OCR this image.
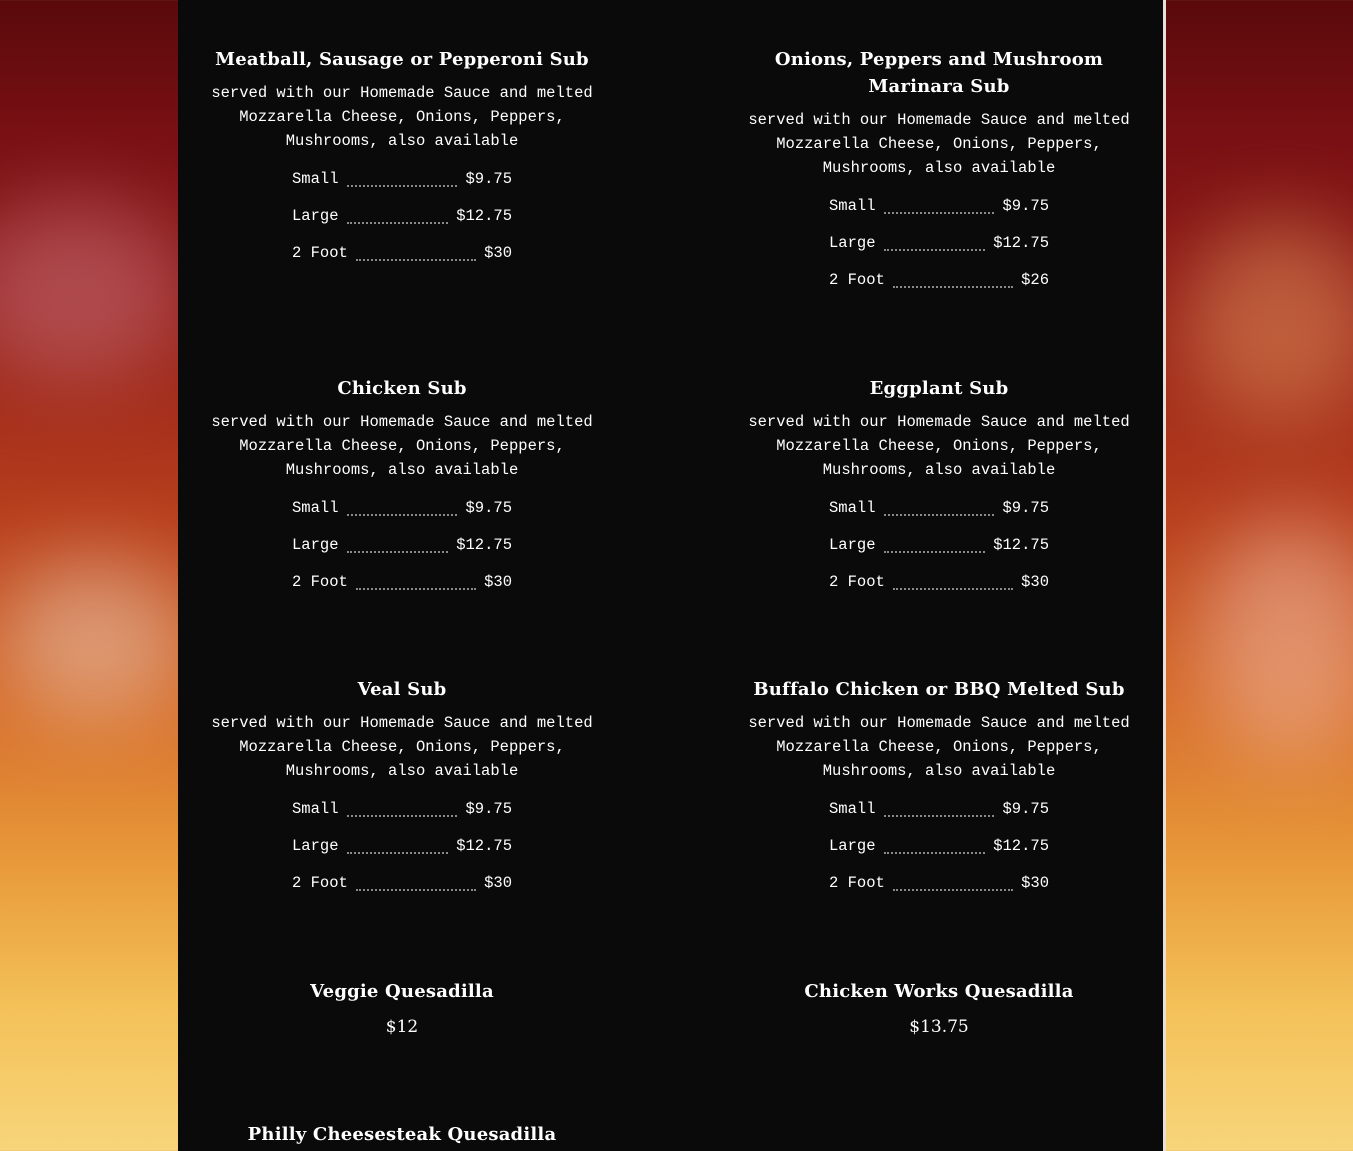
Meatball, Sausage or Pepperoni Sub

served with our Homemade Sauce and melted Mozzarella Cheese, Onions, Peppers, Mushrooms, also available

Small	$9.75
Large	$12.75
2 Foot	$30
Onions, Peppers and Mushroom Marinara Sub

served with our Homemade Sauce and melted Mozzarella Cheese, Onions, Peppers, Mushrooms, also available

Small	$9.75
Large	$12.75
2 Foot	$26
Chicken Sub

served with our Homemade Sauce and melted Mozzarella Cheese, Onions, Peppers, Mushrooms, also available

Small	$9.75
Large	$12.75
2 Foot	$30
Eggplant Sub

served with our Homemade Sauce and melted Mozzarella Cheese, Onions, Peppers, Mushrooms, also available

Small	$9.75
Large	$12.75
2 Foot	$30
Veal Sub

served with our Homemade Sauce and melted Mozzarella Cheese, Onions, Peppers, Mushrooms, also available

Small	$9.75
Large	$12.75
2 Foot	$30
Buffalo Chicken or BBQ Melted Sub

served with our Homemade Sauce and melted Mozzarella Cheese, Onions, Peppers, Mushrooms, also available

Small	$9.75
Large	$12.75
2 Foot	$30
Veggie Quesadilla
$12
Chicken Works Quesadilla
$13.75
Philly Cheesesteak Quesadilla
